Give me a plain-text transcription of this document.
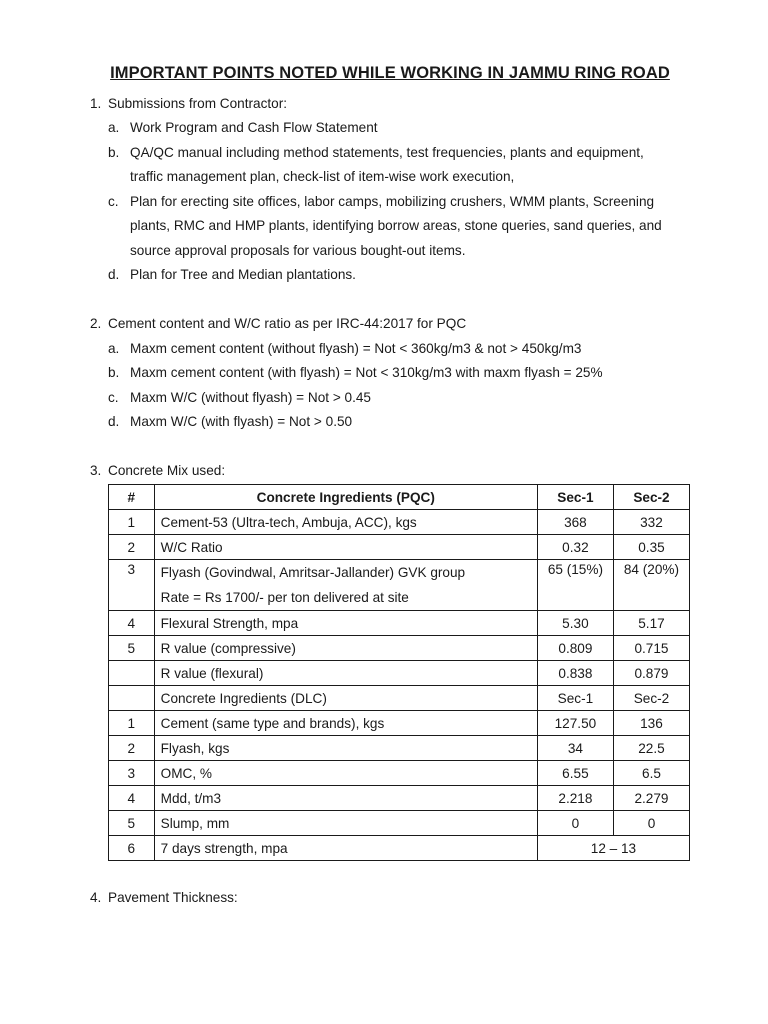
IMPORTANT POINTS NOTED WHILE WORKING IN JAMMU RING ROAD
1. Submissions from Contractor:
a. Work Program and Cash Flow Statement
b. QA/QC manual including method statements, test frequencies, plants and equipment,
traffic management plan, check-list of item-wise work execution,
c. Plan for erecting site offices, labor camps, mobilizing crushers, WMM plants, Screening
plants, RMC and HMP plants, identifying borrow areas, stone queries, sand queries, and
source approval proposals for various bought-out items.
d. Plan for Tree and Median plantations.
2. Cement content and W/C ratio as per IRC-44:2017 for PQC
a. Maxm cement content (without flyash) = Not < 360kg/m3 & not > 450kg/m3
b. Maxm cement content (with flyash) = Not < 310kg/m3 with maxm flyash = 25%
c. Maxm W/C (without flyash) = Not > 0.45
d. Maxm W/C (with flyash) = Not > 0.50
3. Concrete Mix used:
#	Concrete Ingredients (PQC)	Sec-1	Sec-2
1	Cement-53 (Ultra-tech, Ambuja, ACC), kgs	368	332
2	W/C Ratio	0.32	0.35
3	Flyash (Govindwal, Amritsar-Jallander) GVK group
Rate = Rs 1700/- per ton delivered at site	65 (15%)	84 (20%)
4	Flexural Strength, mpa	5.30	5.17
5	R value (compressive)	0.809	0.715
	R value (flexural)	0.838	0.879
	Concrete Ingredients (DLC)	Sec-1	Sec-2
1	Cement (same type and brands), kgs	127.50	136
2	Flyash, kgs	34	22.5
3	OMC, %	6.55	6.5
4	Mdd, t/m3	2.218	2.279
5	Slump, mm	0	0
6	7 days strength, mpa	12 – 13	
4. Pavement Thickness:
